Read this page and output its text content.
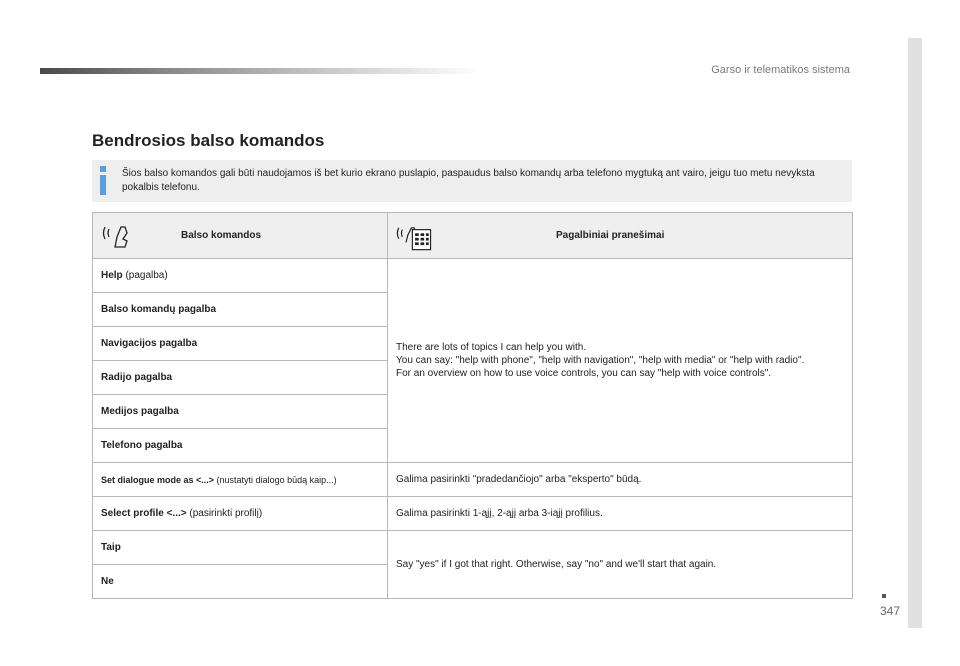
Garso ir telematikos sistema
347
Bendrosios balso komandos
Šios balso komandos gali būti naudojamos iš bet kurio ekrano puslapio, paspaudus balso komandų arba telefono mygtuką ant vairo, jeigu tuo metu nevyksta pokalbis telefonu.
Balso komandos	Pagalbiniai pranešimai

Help (pagalba)	There are lots of topics I can help you with.
You can say: "help with phone", "help with navigation", "help with media" or "help with radio".
For an overview on how to use voice controls, you can say "help with voice controls".

Balso komandų pagalba	
Navigacijos pagalba	
Radijo pagalba	
Medijos pagalba	
Telefono pagalba	
Set dialogue mode as <...> (nustatyti dialogo būdą kaip...)	Galima pasirinkti "pradedančiojo" arba "eksperto" būdą.
Select profile <...> (pasirinkti profilį)	Galima pasirinkti 1-ąjį, 2-ąjį arba 3-iąjį profilius.
Taip	Say "yes" if I got that right. Otherwise, say "no" and we'll start that again.
Ne	
